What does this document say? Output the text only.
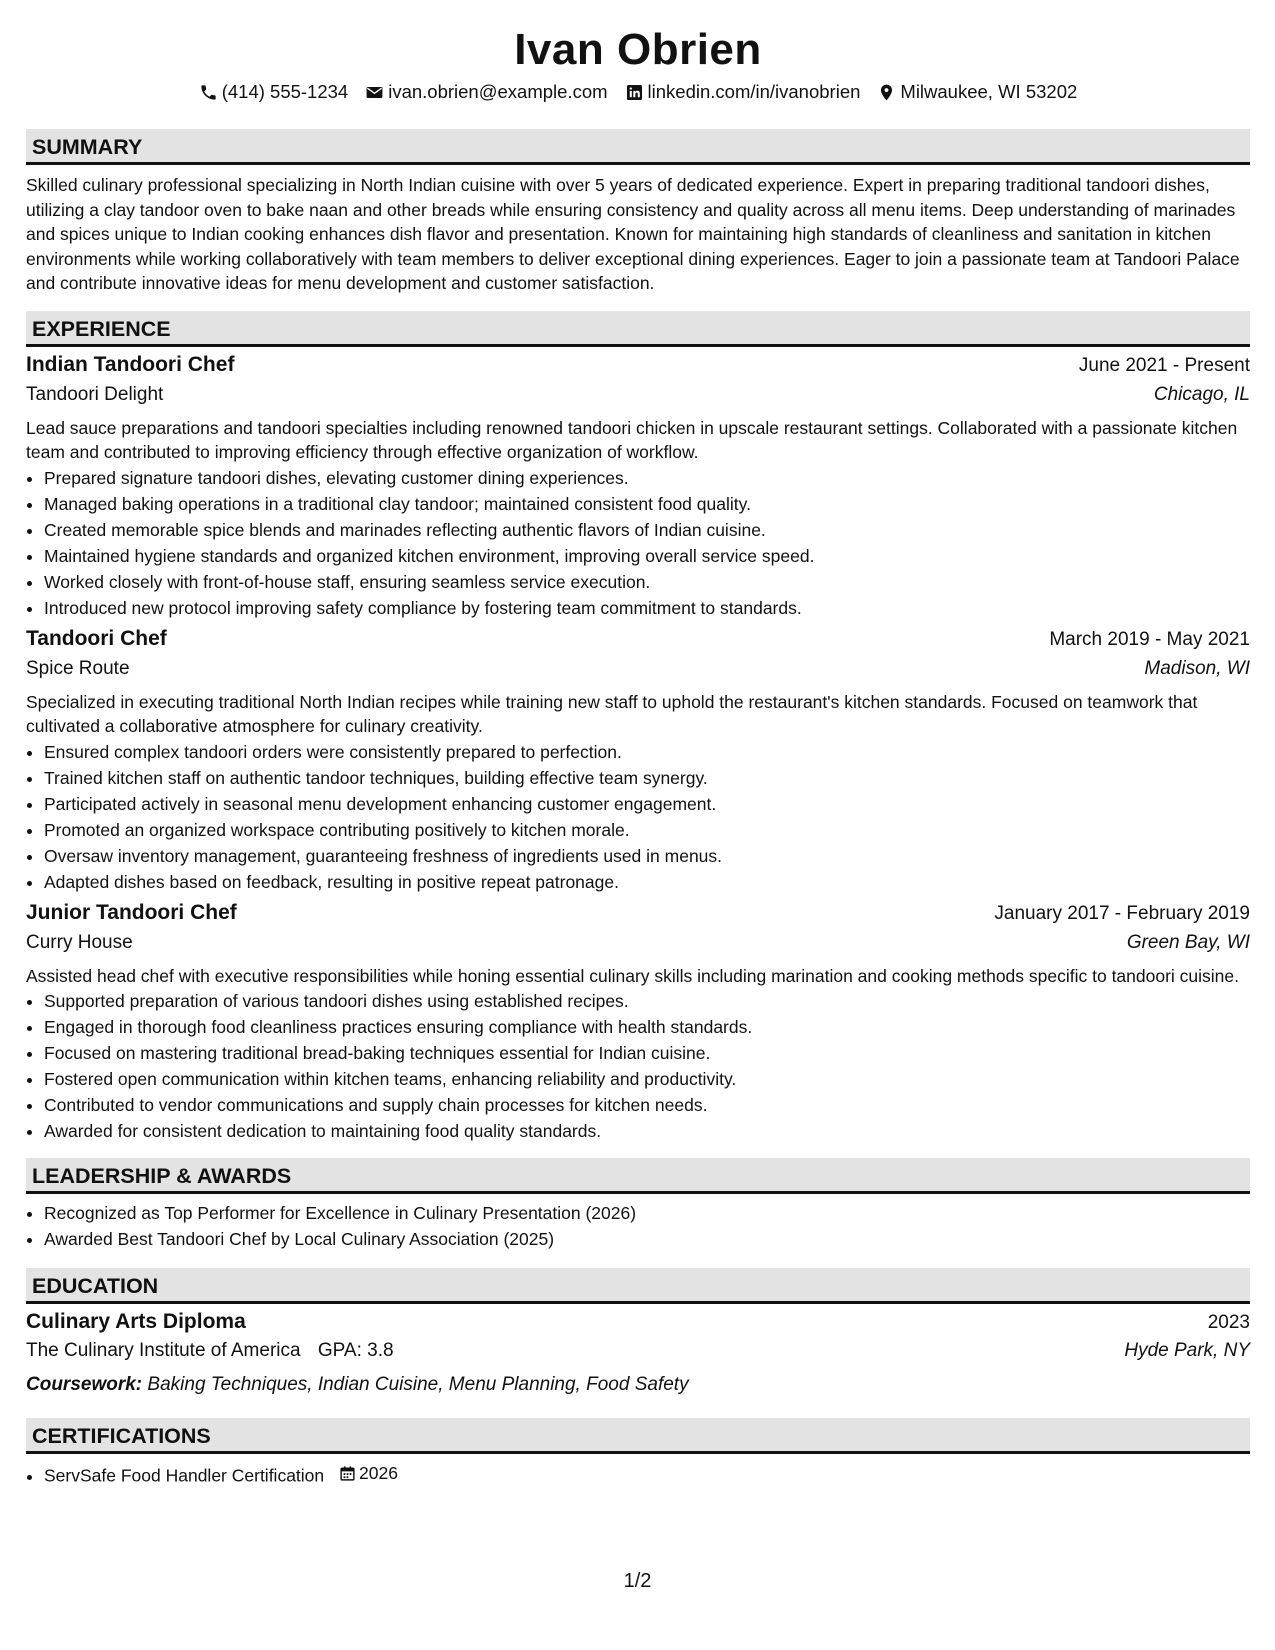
Ivan Obrien
(414) 555-1234 ivan.obrien@example.com linkedin.com/in/ivanobrien Milwaukee, WI 53202
SUMMARY
Skilled culinary professional specializing in North Indian cuisine with over 5 years of dedicated experience. Expert in preparing traditional tandoori dishes, utilizing a clay tandoor oven to bake naan and other breads while ensuring consistency and quality across all menu items. Deep understanding of marinades and spices unique to Indian cooking enhances dish flavor and presentation. Known for maintaining high standards of cleanliness and sanitation in kitchen environments while working collaboratively with team members to deliver exceptional dining experiences. Eager to join a passionate team at Tandoori Palace and contribute innovative ideas for menu development and customer satisfaction.
EXPERIENCE
Indian Tandoori Chef	June 2021 - Present
Tandoori Delight	Chicago, IL
Lead sauce preparations and tandoori specialties including renowned tandoori chicken in upscale restaurant settings. Collaborated with a passionate kitchen team and contributed to improving efficiency through effective organization of workflow.
• Prepared signature tandoori dishes, elevating customer dining experiences.
• Managed baking operations in a traditional clay tandoor; maintained consistent food quality.
• Created memorable spice blends and marinades reflecting authentic flavors of Indian cuisine.
• Maintained hygiene standards and organized kitchen environment, improving overall service speed.
• Worked closely with front-of-house staff, ensuring seamless service execution.
• Introduced new protocol improving safety compliance by fostering team commitment to standards.
Tandoori Chef	March 2019 - May 2021
Spice Route	Madison, WI
Specialized in executing traditional North Indian recipes while training new staff to uphold the restaurant's kitchen standards. Focused on teamwork that cultivated a collaborative atmosphere for culinary creativity.
• Ensured complex tandoori orders were consistently prepared to perfection.
• Trained kitchen staff on authentic tandoor techniques, building effective team synergy.
• Participated actively in seasonal menu development enhancing customer engagement.
• Promoted an organized workspace contributing positively to kitchen morale.
• Oversaw inventory management, guaranteeing freshness of ingredients used in menus.
• Adapted dishes based on feedback, resulting in positive repeat patronage.
Junior Tandoori Chef	January 2017 - February 2019
Curry House	Green Bay, WI
Assisted head chef with executive responsibilities while honing essential culinary skills including marination and cooking methods specific to tandoori cuisine.
• Supported preparation of various tandoori dishes using established recipes.
• Engaged in thorough food cleanliness practices ensuring compliance with health standards.
• Focused on mastering traditional bread-baking techniques essential for Indian cuisine.
• Fostered open communication within kitchen teams, enhancing reliability and productivity.
• Contributed to vendor communications and supply chain processes for kitchen needs.
• Awarded for consistent dedication to maintaining food quality standards.
LEADERSHIP & AWARDS
• Recognized as Top Performer for Excellence in Culinary Presentation (2026)
• Awarded Best Tandoori Chef by Local Culinary Association (2025)
EDUCATION
Culinary Arts Diploma	2023
The Culinary Institute of America GPA: 3.8	Hyde Park, NY
Coursework: Baking Techniques, Indian Cuisine, Menu Planning, Food Safety
CERTIFICATIONS
• ServSafe Food Handler Certification 2026
1/2
